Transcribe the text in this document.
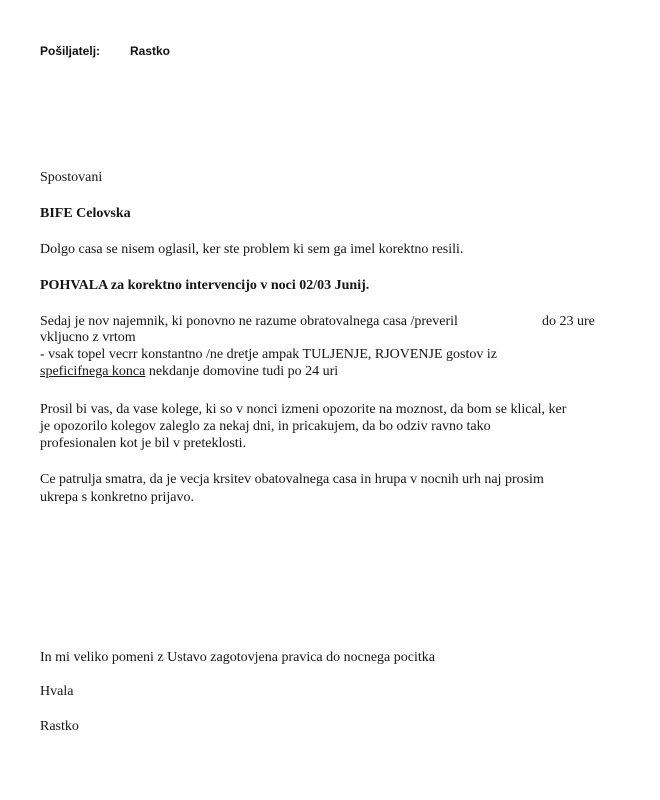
Pošiljatelj: Rastko
Spostovani
BIFE Celovska
Dolgo casa se nisem oglasil, ker ste problem ki sem ga imel korektno resili.
POHVALA za korektno intervencijo v noci 02/03 Junij.
Sedaj je nov najemnik, ki ponovno ne razume obratovalnega casa /preveril	do 23 ure
vkljucno z vrtom
- vsak topel vecrr konstantno /ne dretje ampak TULJENJE, RJOVENJE gostov iz
speficifnega konca nekdanje domovine tudi po 24 uri
Prosil bi vas, da vase kolege, ki so v nonci izmeni opozorite na moznost, da bom se klical, ker
je opozorilo kolegov zaleglo za nekaj dni, in pricakujem, da bo odziv ravno tako
profesionalen kot je bil v preteklosti.
Ce patrulja smatra, da je vecja krsitev obatovalnega casa in hrupa v nocnih urh naj prosim
ukrepa s konkretno prijavo.
In mi veliko pomeni z Ustavo zagotovjena pravica do nocnega pocitka
Hvala
Rastko
